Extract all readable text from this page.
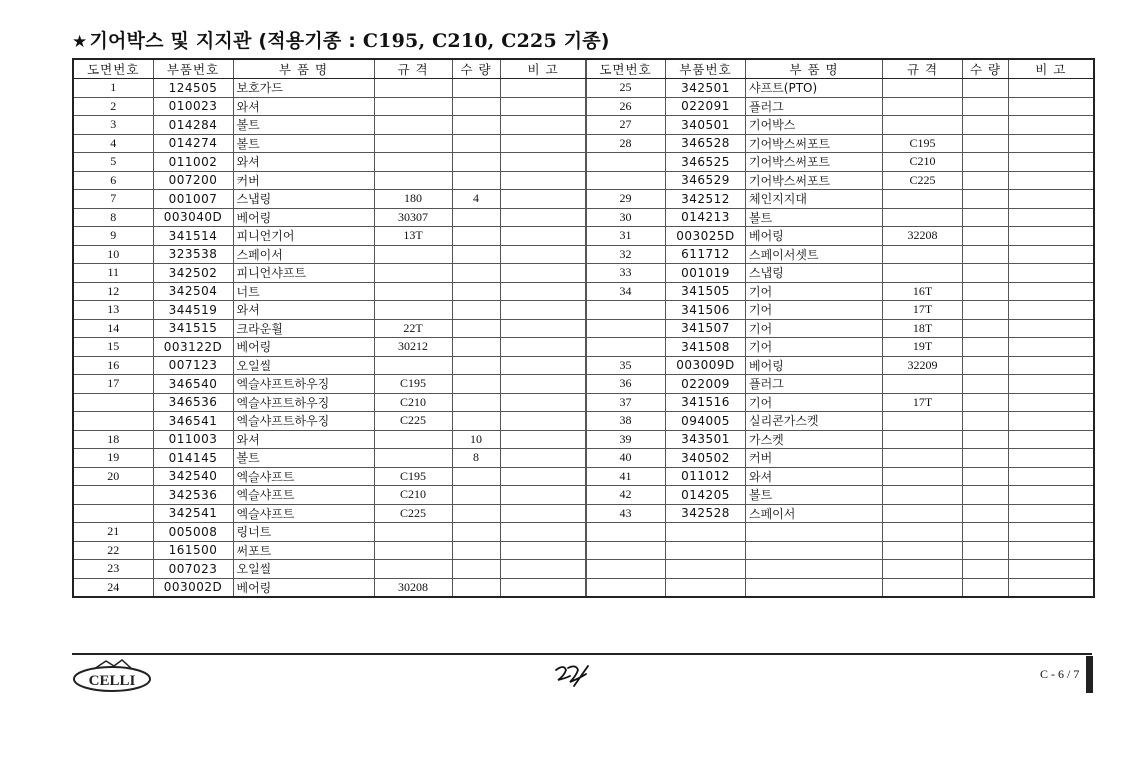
★ 기어박스 및 지지관 (적용기종 : C195, C210, C225 기종)
도면번호	부품번호	부 품 명	규 격	수 량	비 고
1	124505	보호가드			
2	010023	와셔			
3	014284	볼트			
4	014274	볼트			
5	011002	와셔			
6	007200	커버			
7	001007	스냅링	180	4	
8	003040D	베어링	30307		
9	341514	피니언기어	13T		
10	323538	스페이서			
11	342502	피니언샤프트			
12	342504	너트			
13	344519	와셔			
14	341515	크라운휠	22T		
15	003122D	베어링	30212		
16	007123	오일씰			
17	346540	엑슬샤프트하우징	C195		
	346536	엑슬샤프트하우징	C210		
	346541	엑슬샤프트하우징	C225		
18	011003	와셔		10	
19	014145	볼트		8	
20	342540	엑슬샤프트	C195		
	342536	엑슬샤프트	C210		
	342541	엑슬샤프트	C225		
21	005008	링너트			
22	161500	써포트			
23	007023	오일씰			
24	003002D	베어링	30208		
도면번호	부품번호	부 품 명	규 격	수 량	비 고
25	342501	샤프트(PTO)			
26	022091	플러그			
27	340501	기어박스			
28	346528	기어박스써포트	C195		
	346525	기어박스써포트	C210		
	346529	기어박스써포트	C225		
29	342512	체인지지대			
30	014213	볼트			
31	003025D	베어링	32208		
32	611712	스페이서셋트			
33	001019	스냅링			
34	341505	기어	16T		
	341506	기어	17T		
	341507	기어	18T		
	341508	기어	19T		
35	003009D	베어링	32209		
36	022009	플러그			
37	341516	기어	17T		
38	094005	실리콘가스켓			
39	343501	가스켓			
40	340502	커버			
41	011012	와셔			
42	014205	볼트			
43	342528	스페이서			

CELLI	C - 6 / 7
